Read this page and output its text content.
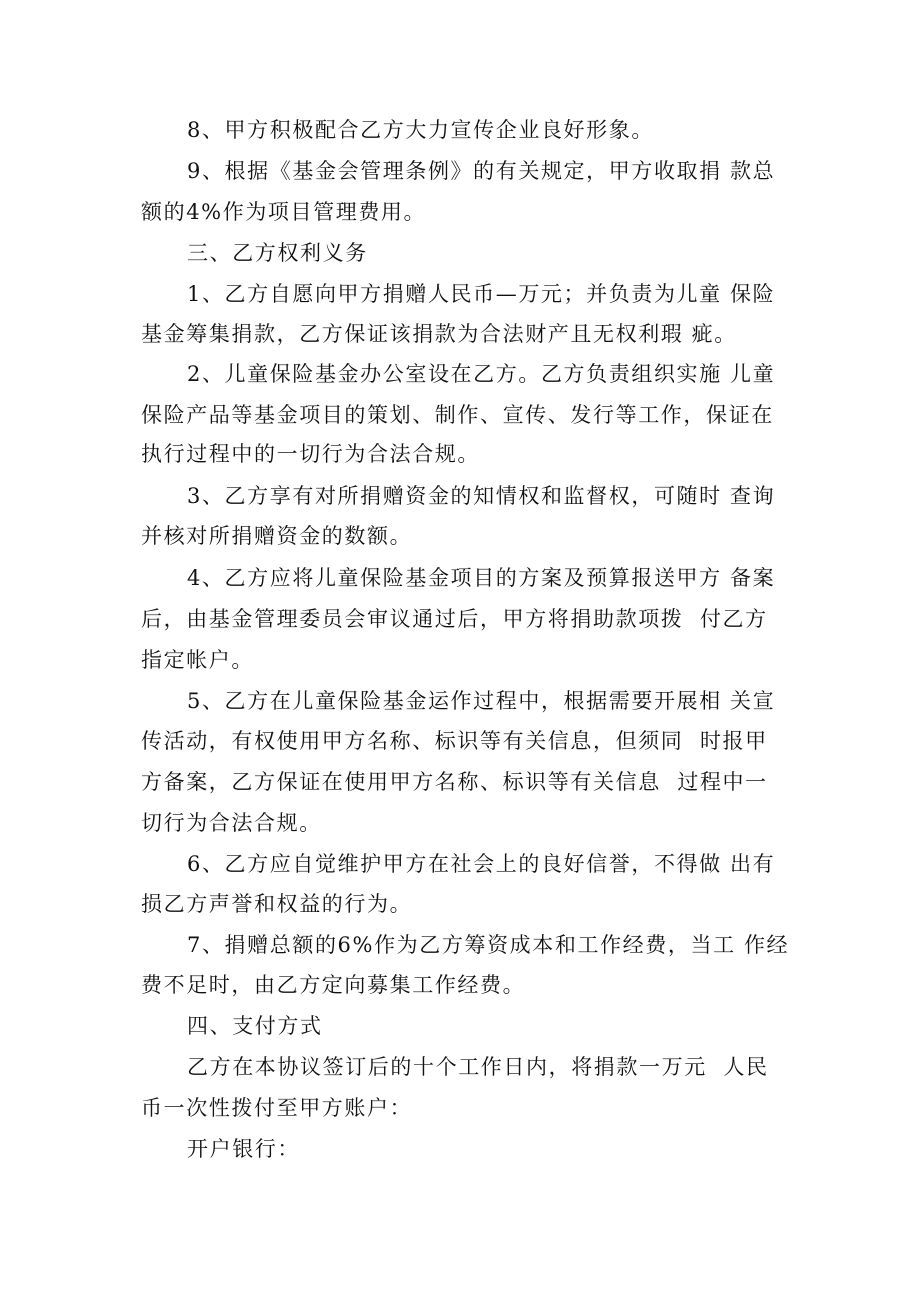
8、甲方积极配合乙方大力宣传企业良好形象。
9、根据《基金会管理条例》的有关规定，甲方收取捐 款总
额的4%作为项目管理费用。
三、乙方权利义务
1、乙方自愿向甲方捐赠人民币—万元；并负责为儿童 保险
基金筹集捐款，乙方保证该捐款为合法财产且无权利瑕 疵。
2、儿童保险基金办公室设在乙方。乙方负责组织实施 儿童
保险产品等基金项目的策划、制作、宣传、发行等工作，保证在
执行过程中的一切行为合法合规。
3、乙方享有对所捐赠资金的知情权和监督权，可随时 查询
并核对所捐赠资金的数额。
4、乙方应将儿童保险基金项目的方案及预算报送甲方 备案
后，由基金管理委员会审议通过后，甲方将捐助款项拨  付乙方
指定帐户。
5、乙方在儿童保险基金运作过程中，根据需要开展相 关宣
传活动，有权使用甲方名称、标识等有关信息，但须同  时报甲
方备案，乙方保证在使用甲方名称、标识等有关信息  过程中一
切行为合法合规。
6、乙方应自觉维护甲方在社会上的良好信誉，不得做 出有
损乙方声誉和权益的行为。
7、捐赠总额的6%作为乙方筹资成本和工作经费，当工 作经
费不足时，由乙方定向募集工作经费。
四、支付方式
乙方在本协议签订后的十个工作日内，将捐款一万元  人民
币一次性拨付至甲方账户：
开户银行：
